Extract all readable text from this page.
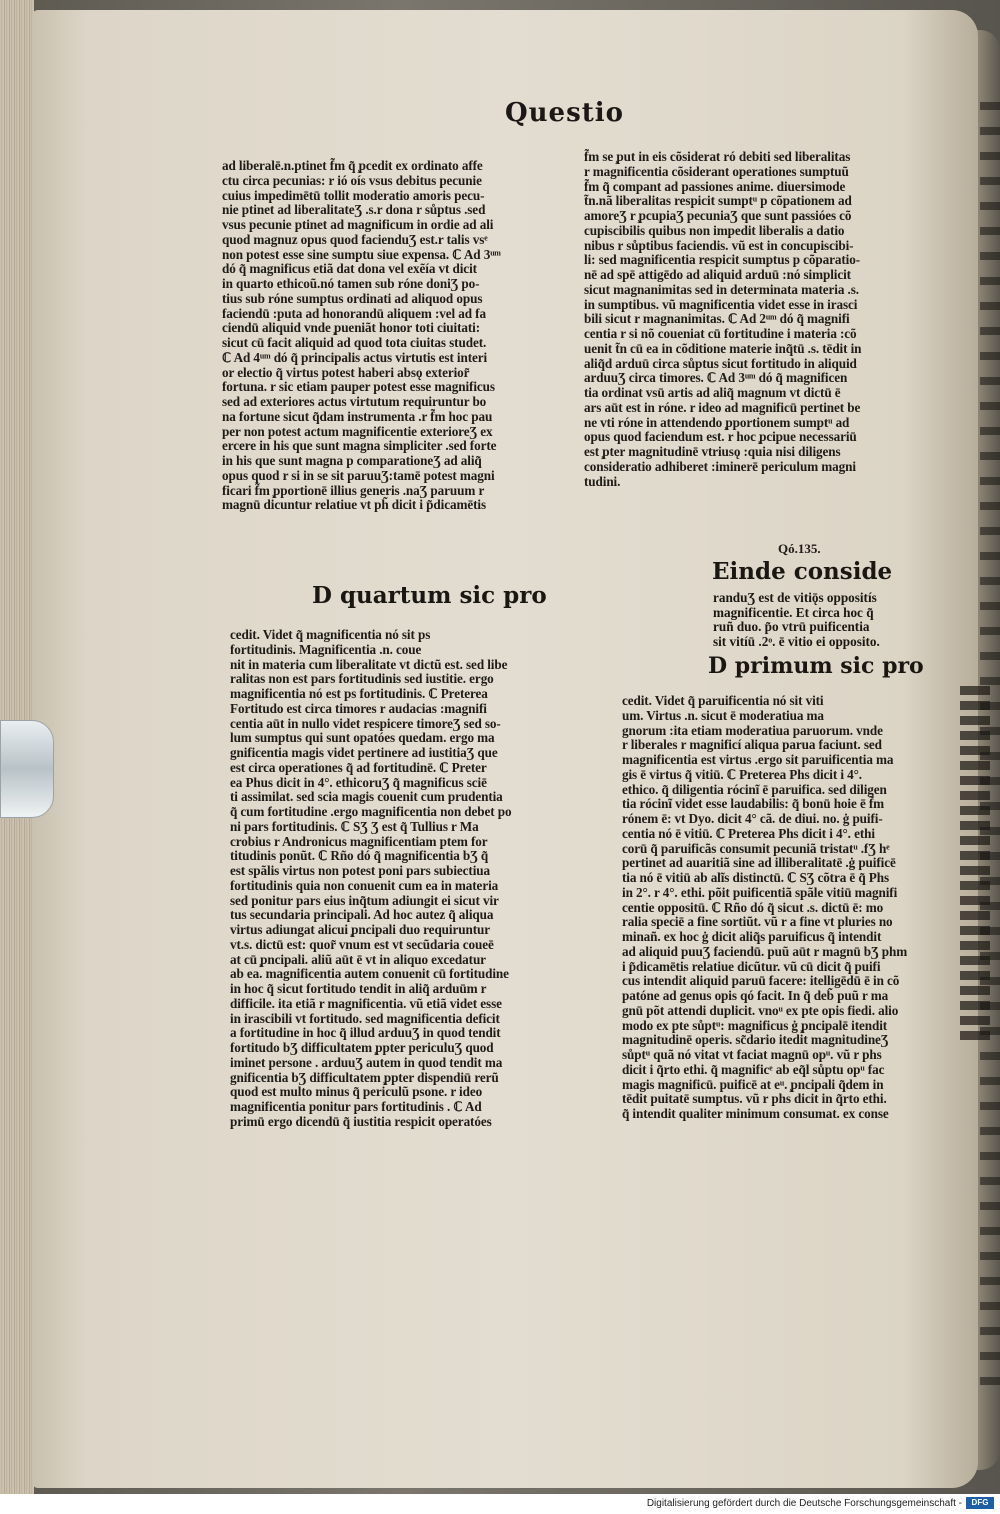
Questio

ad liberalē.n.ptinet f̃m q̃ ̧pcedit ex ordinato affe
ctu circa pecunias: r ió oís vsus debitus pecunie
cuius impedimētū tollit moderatio amoris pecu-
nie ptinet ad liberalitateƷ .s.r dona r sůptus .sed
vsus pecunie ptinet ad magnificum in ordie ad ali
quod magnuz opus quod facienduƷ est.r talis vsᵉ
non potest esse sine sumptu siue expensa. ℂ Ad 3ᵘᵐ
dó q̃ magnificus etiã dat dona vel exẽía vt dicit
in quarto ethicoũ.nó tamen sub róne doniƷ po-
tius sub róne sumptus ordinati ad aliquod opus
faciendū :puta ad honorandū aliquem :vel ad fa
ciendū aliquid vnde ̧pueniãt honor toti ciuitati:
sicut cū facit aliquid ad quod tota ciuitas studet.
ℂ Ad 4ᵘᵐ dó q̃ principalis actus virtutis est interi
or electio q̃ virtus potest haberi absǫ exterior̃
fortuna. r sic etiam pauper potest esse magnificus
sed ad exteriores actus virtutum requiruntur bo
na fortune sicut q̃dam instrumenta .r f̃m hoc pau
per non potest actum magnificentie exterioreƷ ex
ercere in his que sunt magna simpliciter .sed forte
in his que sunt magna p comparationeƷ ad aliq̃
opus quod r si in se sit paruuƷ:tamē potest magni
ficari f̃m ̧pportionē illius generis .naƷ paruum r
magnū dicuntur relatiue vt ph̃ dicit i p̃dicamētis

D quartum sic pro

cedit. Videt q̃ magnificentia nó sit ps
fortitudinis. Magnificentia .n. coue
nit in materia cum liberalitate vt dictũ est. sed libe
ralitas non est pars fortitudinis sed iustitie. ergo
magnificentia nó est ps fortitudinis. ℂ Preterea
Fortitudo est circa timores r audacias :magnifi
centia aūt in nullo videt respicere timoreƷ sed so-
lum sumptus qui sunt opatóes quedam. ergo ma
gnificentia magis videt pertinere ad iustitiaƷ que
est circa operationes q̃ ad fortitudinē. ℂ Preter
ea Phus dicit in 4°. ethicoruƷ q̃ magnificus sciē
ti assimilat. sed scia magis couenit cum prudentia
q̃ cum fortitudine .ergo magnificentia non debet po
ni pars fortitudinis. ℂ SƷ Ʒ est q̃ Tullius r Ma
crobius r Andronicus magnificentiam ptem for
titudinis ponũt. ℂ Rño dó q̃ magnificentia bƷ q̃
est spãlis virtus non potest poni pars subiectiua
fortitudinis quia non conuenit cum ea in materia
sed ponitur pars eius inq̃tum adiungit ei sicut vir
tus secundaria principali. Ad hoc autez q̃ aliqua
virtus adiungat alicui ̧pncipali duo requiruntur
vt.s. dictū est: quor̃ vnum est vt secũdaria coueē
at cū ̧pncipali. aliũ aūt ē vt in aliquo excedatur
ab ea. magnificentia autem conuenit cū fortitudine
in hoc q̃ sicut fortitudo tendit in aliq̃ arduūm r
difficile. ita etiã r magnificentia. vũ etiã videt esse
in irascibili vt fortitudo. sed magnificentia deficit
a fortitudine in hoc q̃ illud arduuƷ in quod tendit
fortitudo bƷ difficultatem ̧ppter periculuƷ quod
iminet persone . arduuƷ autem in quod tendit ma
gnificentia bƷ difficultatem ̧ppter dispendiū rerũ
quod est multo minus q̃ periculũ psone. r ideo
magnificentia ponitur pars fortitudinis . ℂ Ad
primū ergo dicendū q̃ iustitia respicit operatóes
f̃m se ̧put in eis cõsiderat ró debiti sed liberalitas
r magnificentia cõsiderant operationes sumptuũ
f̃m q̃ compant ad passiones anime. diuersimode
t̃n.nã liberalitas respicit sumptᵘ p cõpationem ad
amoreƷ r ̧pcupiaƷ pecuniaƷ que sunt passióes cõ
cupiscibilis quibus non impedit liberalis a datio
nibus r sůptibus faciendis. vũ est in concupiscibi-
li: sed magnificentia respicit sumptus p cõparatio-
nē ad spē attigēdo ad aliquid arduū :nó simplicit
sicut magnanimitas sed in determinata materia .s.
in sumptibus. vũ magnificentia videt esse in irasci
bili sicut r magnanimitas. ℂ Ad 2ᵘᵐ dó q̃ magnifi
centia r si nõ coueniat cū fortitudine i materia :cõ
uenit t̃n cū ea in cõditione materie inq̃tū .s. tēdit in
aliq̃d arduū circa sůptus sicut fortitudo in aliquid
arduuƷ circa timores. ℂ Ad 3ᵘᵐ dó q̃ magnificen
tia ordinat vsū artis ad aliq̃ magnum vt dictū ē
ars aūt est in róne. r ideo ad magnificū pertinet be
ne vti róne in attendendo ̧pportionem sumptᵘ ad
opus quod faciendum est. r hoc ̧pcipue necessariū
est ̧pter magnitudinē vtriusǫ :quia nisi diligens
consideratio adhiberet :iminerē periculum magni
tudini.

Qó.135.

Einde conside

randuƷ est de vitiǭs oppositís
magnificentie. Et circa hoc q̃
ruñ duo. p̃o vtrū puificentia
sit vitíū .2ᵒ. ē vitio ei opposito.

D primum sic pro

cedit. Videt q̃ paruificentia nó sit viti
um. Virtus .n. sicut ē moderatiua ma
gnorum :ita etiam moderatiua paruorum. vnde
r liberales r magnificí aliqua parua faciunt. sed
magnificentia est virtus .ergo sit paruificentia ma
gis ē virtus q̃ vitiū. ℂ Preterea Phs dicit i 4°.
ethico. q̃ diligentia rócinĩ ē paruifica. sed diligen
tia rócinĩ videt esse laudabilis: q̃ bonū hoie ē f̃m
rónem ē: vt Dyo. dicit 4° cã. de diui. no. ġ puifi-
centia nó ē vitiū. ℂ Preterea Phs dicit i 4°. ethi
corū q̃ paruificãs consumit pecuniã tristatᵘ .fƷ hᵉ
pertinet ad auaritiã sine ad illiberalitatē .ġ puificē
tia nó ē vitiū ab alĩs distinctū. ℂ SƷ cõtra ē q̃ Phs
in 2°. r 4°. ethi. põit puificentiã spãle vitiū magnifi
centie oppositū. ℂ Rño dó q̃ sicut .s. dictū ē: mo
ralia speciē a fine sortiũt. vũ r a fine vt pluries no
minañ. ex hoc ġ dicit aliq̃s paruificus q̃ intendit
ad aliquid puuƷ faciendū. puũ aūt r magnū bƷ phm
i p̃dicamētis relatiue dicũtur. vũ cū dicit q̃ puifi
cus intendit aliquid paruū facere: itelligēdū ē in cõ
patóne ad genus opis qó facit. In q̃ deb̃ puũ r ma
gnū põt attendi duplicit. vnoᵘ ex pte opis fiedi. alio
modo ex pte sůptᵘ: magnificus ġ ̧pncipalē itendit
magnitudinē operis. sc̃dario itedit magnitudineƷ
sůptᵘ quã nó vitat vt faciat magnū opᵘ. vũ r phs
dicit i q̃rto ethi. q̃ magnificᵉ ab eq̃l sůptu opᵘ fac
magis magnificū. puificē at eᵘ. ̧pncipali q̃dem in
tēdit puitatē sumptus. vũ r phs dicit in q̃rto ethi.
q̃ intendit qualiter minimum consumat. ex conse

Digitalisierung gefördert durch die Deutsche Forschungsgemeinschaft -	DFG
